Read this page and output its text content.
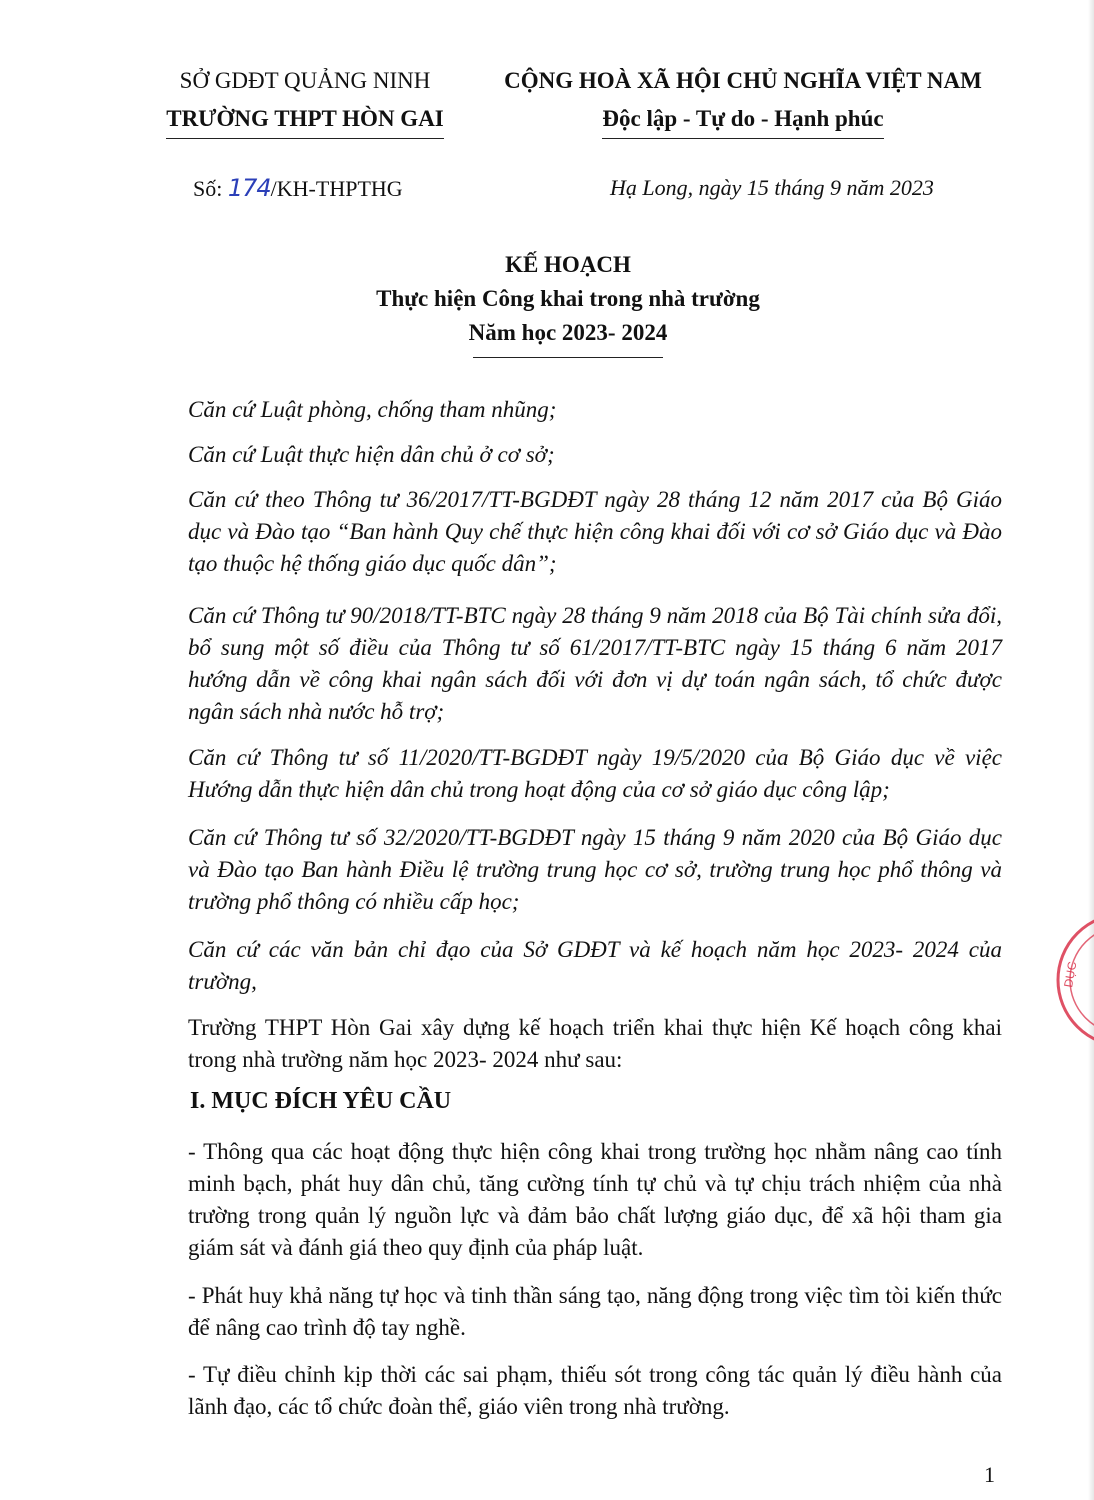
SỞ GDĐT QUẢNG NINH
TRƯỜNG THPT HÒN GAI
CỘNG HOÀ XÃ HỘI CHỦ NGHĨA VIỆT NAM
Độc lập - Tự do - Hạnh phúc
Số: 174/KH-THPTHG	Hạ Long, ngày 15 tháng 9 năm 2023
KẾ HOẠCH
Thực hiện Công khai trong nhà trường
Năm học 2023- 2024
Căn cứ Luật phòng, chống tham nhũng;
Căn cứ Luật thực hiện dân chủ ở cơ sở;
Căn cứ theo Thông tư 36/2017/TT-BGDĐT ngày 28 tháng 12 năm 2017 của Bộ Giáo dục và Đào tạo “Ban hành Quy chế thực hiện công khai đối với cơ sở Giáo dục và Đào tạo thuộc hệ thống giáo dục quốc dân”;
Căn cứ Thông tư 90/2018/TT-BTC ngày 28 tháng 9 năm 2018 của Bộ Tài chính sửa đổi, bổ sung một số điều của Thông tư số 61/2017/TT-BTC ngày 15 tháng 6 năm 2017 hướng dẫn về công khai ngân sách đối với đơn vị dự toán ngân sách, tổ chức được ngân sách nhà nước hỗ trợ;
Căn cứ Thông tư số 11/2020/TT-BGDĐT ngày 19/5/2020 của Bộ Giáo dục về việc Hướng dẫn thực hiện dân chủ trong hoạt động của cơ sở giáo dục công lập;
Căn cứ Thông tư số 32/2020/TT-BGDĐT ngày 15 tháng 9 năm 2020 của Bộ Giáo dục và Đào tạo Ban hành Điều lệ trường trung học cơ sở, trường trung học phổ thông và trường phổ thông có nhiều cấp học;
Căn cứ các văn bản chỉ đạo của Sở GDĐT và kế hoạch năm học 2023- 2024 của trường,
Trường THPT Hòn Gai xây dựng kế hoạch triển khai thực hiện Kế hoạch công khai trong nhà trường năm học 2023- 2024 như sau:
I. MỤC ĐÍCH YÊU CẦU
- Thông qua các hoạt động thực hiện công khai trong trường học nhằm nâng cao tính minh bạch, phát huy dân chủ, tăng cường tính tự chủ và tự chịu trách nhiệm của nhà trường trong quản lý nguồn lực và đảm bảo chất lượng giáo dục, để xã hội tham gia giám sát và đánh giá theo quy định của pháp luật.
- Phát huy khả năng tự học và tinh thần sáng tạo, năng động trong việc tìm tòi kiến thức để nâng cao trình độ tay nghề.
- Tự điều chỉnh kịp thời các sai phạm, thiếu sót trong công tác quản lý điều hành của lãnh đạo, các tổ chức đoàn thể, giáo viên trong nhà trường.
1
DỤC
